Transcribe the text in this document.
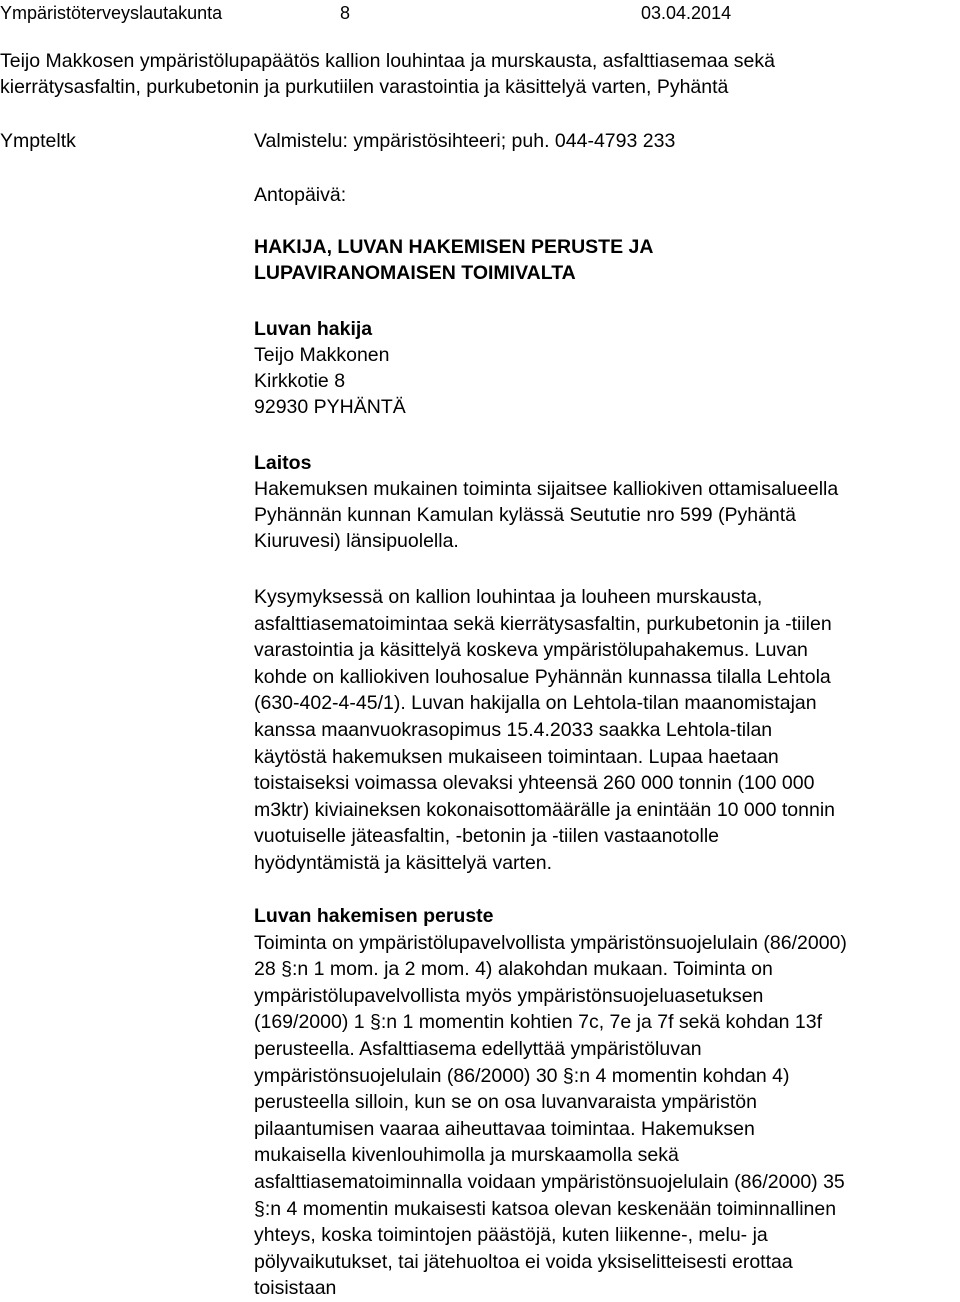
Ympäristöterveyslautakunta	8	03.04.2014
Teijo Makkosen ympäristölupapäätös kallion louhintaa ja murskausta, asfalttiasemaa sekä
kierrätysasfaltin, purkubetonin ja purkutiilen varastointia ja käsittelyä varten, Pyhäntä
Ympteltk	Valmistelu: ympäristösihteeri; puh. 044-4793 233
Antopäivä:
HAKIJA, LUVAN HAKEMISEN PERUSTE JA
LUPAVIRANOMAISEN TOIMIVALTA
Luvan hakija
Teijo Makkonen
Kirkkotie 8
92930 PYHÄNTÄ
Laitos
Hakemuksen mukainen toiminta sijaitsee kalliokiven ottamisalueella
Pyhännän kunnan Kamulan kylässä Seututie nro 599 (Pyhäntä
Kiuruvesi) länsipuolella.
Kysymyksessä on kallion louhintaa ja louheen murskausta,
asfalttiasematoimintaa sekä kierrätysasfaltin, purkubetonin ja -tiilen
varastointia ja käsittelyä koskeva ympäristölupahakemus. Luvan
kohde on kalliokiven louhosalue Pyhännän kunnassa tilalla Lehtola
(630-402-4-45/1). Luvan hakijalla on Lehtola-tilan maanomistajan
kanssa maanvuokrasopimus 15.4.2033 saakka Lehtola-tilan
käytöstä hakemuksen mukaiseen toimintaan. Lupaa haetaan
toistaiseksi voimassa olevaksi yhteensä 260 000 tonnin (100 000
m3ktr) kiviaineksen kokonaisottomäärälle ja enintään 10 000 tonnin
vuotuiselle jäteasfaltin, -betonin ja -tiilen vastaanotolle
hyödyntämistä ja käsittelyä varten.
Luvan hakemisen peruste
Toiminta on ympäristölupavelvollista ympäristönsuojelulain (86/2000)
28 §:n 1 mom. ja 2 mom. 4) alakohdan mukaan. Toiminta on
ympäristölupavelvollista myös ympäristönsuojeluasetuksen
(169/2000) 1 §:n 1 momentin kohtien 7c, 7e ja 7f sekä kohdan 13f
perusteella. Asfalttiasema edellyttää ympäristöluvan
ympäristönsuojelulain (86/2000) 30 §:n 4 momentin kohdan 4)
perusteella silloin, kun se on osa luvanvaraista ympäristön
pilaantumisen vaaraa aiheuttavaa toimintaa. Hakemuksen
mukaisella kivenlouhimolla ja murskaamolla sekä
asfalttiasematoiminnalla voidaan ympäristönsuojelulain (86/2000) 35
§:n 4 momentin mukaisesti katsoa olevan keskenään toiminnallinen
yhteys, koska toimintojen päästöjä, kuten liikenne-, melu- ja
pölyvaikutukset, tai jätehuoltoa ei voida yksiselitteisesti erottaa
toisistaan
